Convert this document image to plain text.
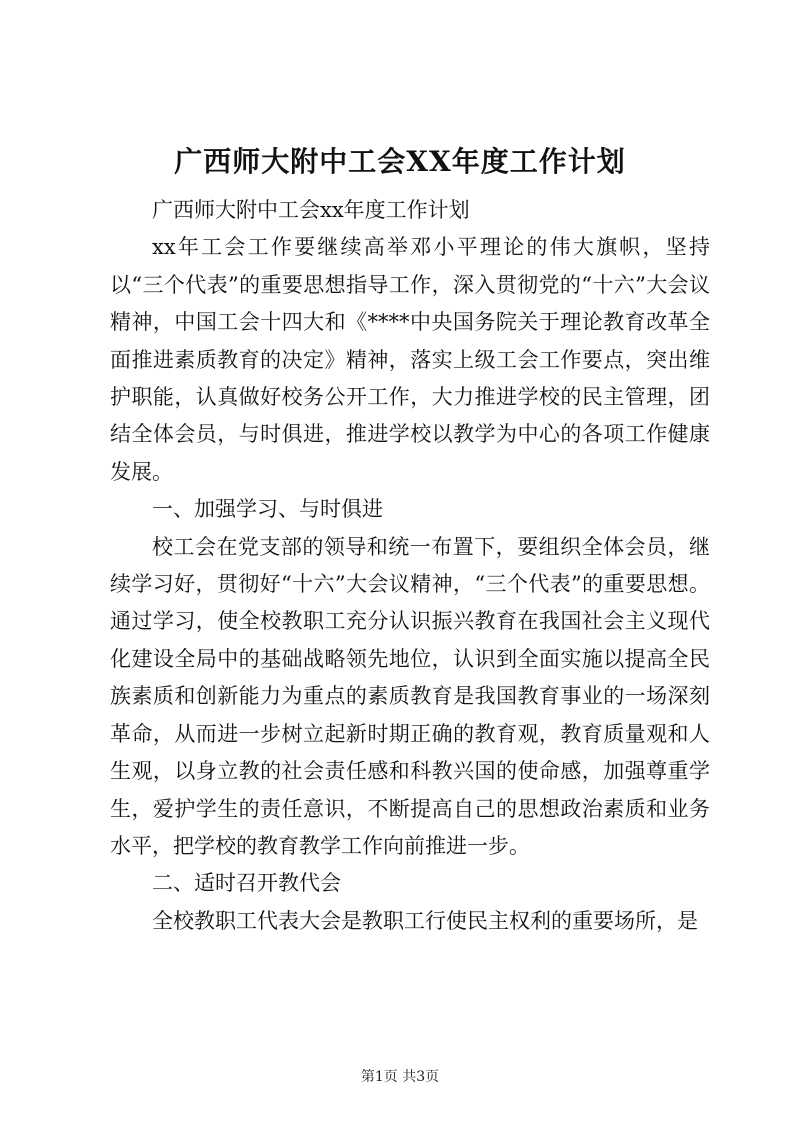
广西师大附中工会XX年度工作计划

广西师大附中工会xx年度工作计划

xx年工会工作要继续高举邓小平理论的伟大旗帜，坚持以“三个代表”的重要思想指导工作，深入贯彻党的“十六”大会议精神，中国工会十四大和《****中央国务院关于理论教育改革全面推进素质教育的决定》精神，落实上级工会工作要点，突出维护职能，认真做好校务公开工作，大力推进学校的民主管理，团结全体会员，与时俱进，推进学校以教学为中心的各项工作健康发展。

一、加强学习、与时俱进

校工会在党支部的领导和统一布置下，要组织全体会员，继续学习好，贯彻好“十六”大会议精神，“三个代表”的重要思想。通过学习，使全校教职工充分认识振兴教育在我国社会主义现代化建设全局中的基础战略领先地位，认识到全面实施以提高全民族素质和创新能力为重点的素质教育是我国教育事业的一场深刻革命，从而进一步树立起新时期正确的教育观，教育质量观和人生观，以身立教的社会责任感和科教兴国的使命感，加强尊重学生，爱护学生的责任意识，不断提高自己的思想政治素质和业务水平，把学校的教育教学工作向前推进一步。

二、适时召开教代会

全校教职工代表大会是教职工行使民主权利的重要场所，是

第1页 共3页
